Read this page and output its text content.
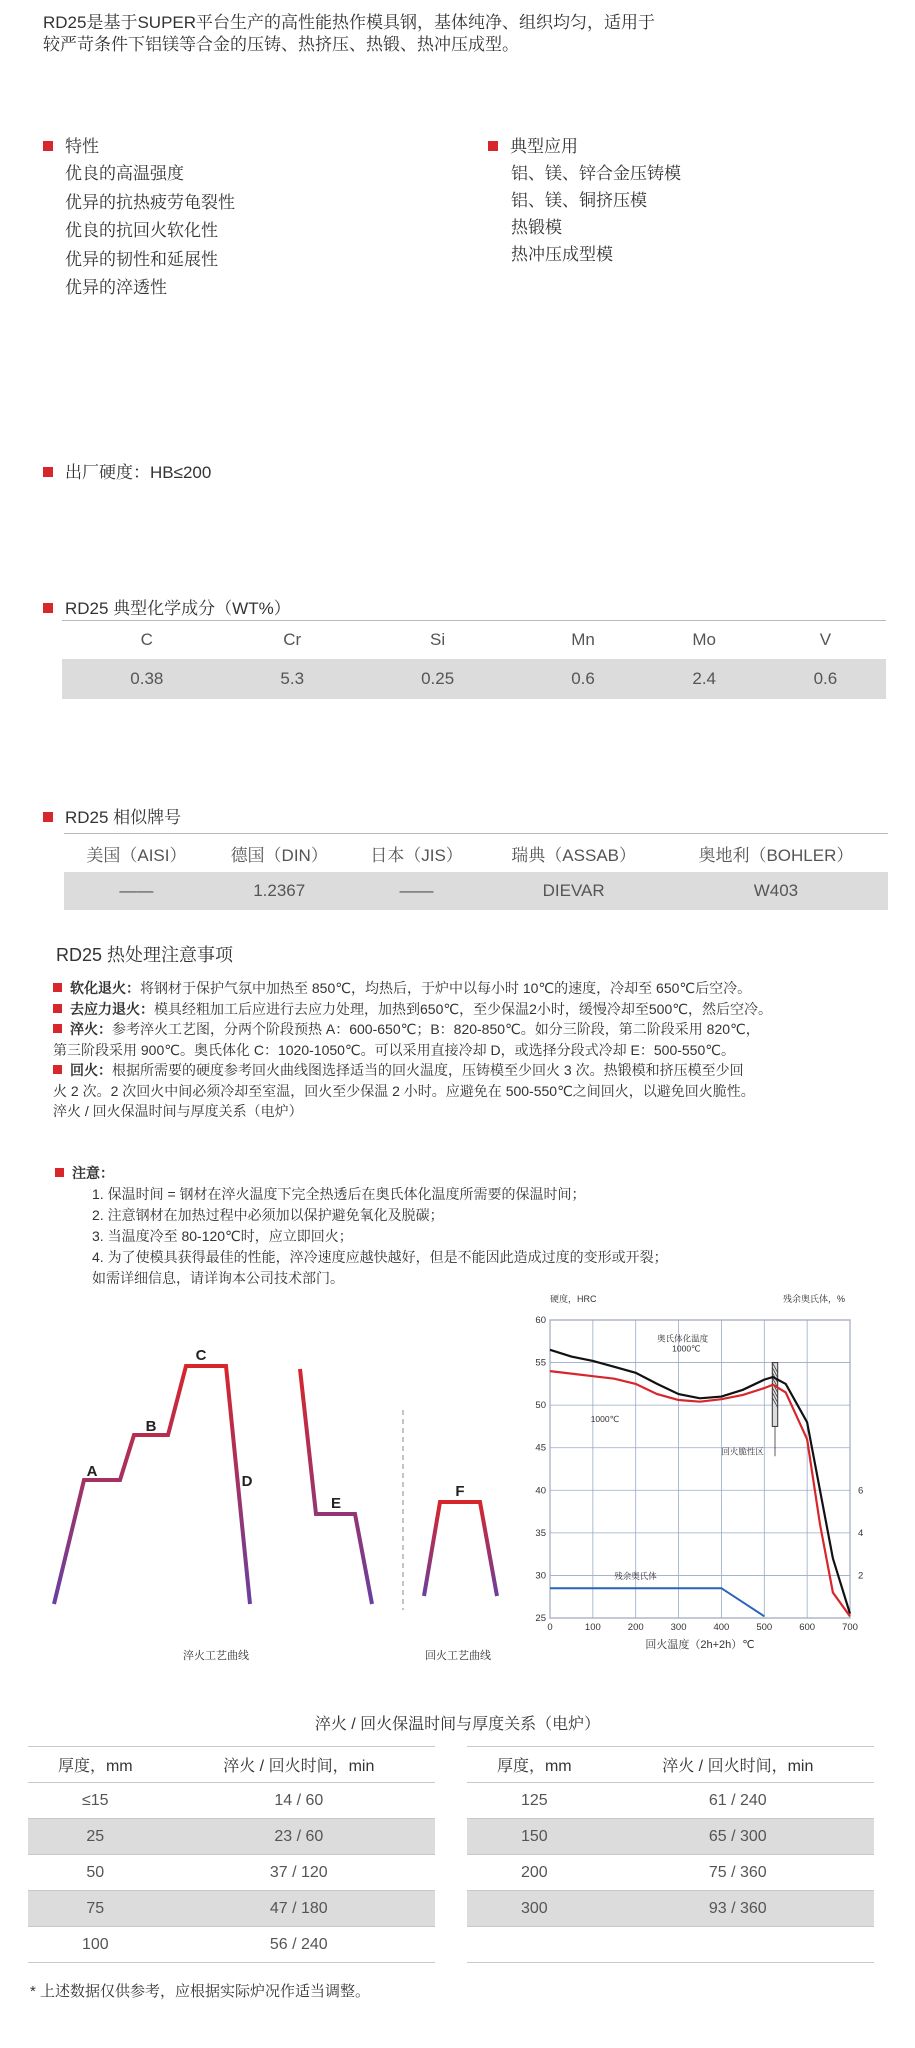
RD25是基于SUPER平台生产的高性能热作模具钢，基体纯净、组织均匀，适用于
较严苛条件下铝镁等合金的压铸、热挤压、热锻、热冲压成型。
特性
优良的高温强度
优异的抗热疲劳龟裂性
优良的抗回火软化性
优异的韧性和延展性
优异的淬透性
典型应用
铝、镁、锌合金压铸模
铝、镁、铜挤压模
热锻模
热冲压成型模
出厂硬度：HB≤200
RD25 典型化学成分（WT%）
C	Cr	Si	Mn	Mo	V
0.38	5.3	0.25	0.6	2.4	0.6
RD25 相似牌号
美国（AISI）	德国（DIN）	日本（JIS）	瑞典（ASSAB）	奥地利（BOHLER）
——	1.2367	——	DIEVAR	W403
RD25 热处理注意事项
软化退火：将钢材于保护气氛中加热至 850℃，均热后，于炉中以每小时 10℃的速度，冷却至 650℃后空冷。
去应力退火：模具经粗加工后应进行去应力处理，加热到650℃，至少保温2小时，缓慢冷却至500℃，然后空冷。
淬火：参考淬火工艺图，分两个阶段预热 A：600-650℃；B：820-850℃。如分三阶段，第二阶段采用 820℃，
第三阶段采用 900℃。奥氏体化 C：1020-1050℃。可以采用直接冷却 D，或选择分段式冷却 E：500-550℃。
回火：根据所需要的硬度参考回火曲线图选择适当的回火温度，压铸模至少回火 3 次。热锻模和挤压模至少回
火 2 次。2 次回火中间必须冷却至室温，回火至少保温 2 小时。应避免在 500-550℃之间回火，以避免回火脆性。
淬火 / 回火保温时间与厚度关系（电炉）
注意：
1. 保温时间 = 钢材在淬火温度下完全热透后在奥氏体化温度所需要的保温时间；
2. 注意钢材在加热过程中必须加以保护避免氧化及脱碳；
3. 当温度冷至 80-120℃时，应立即回火；
4. 为了使模具获得最佳的性能，淬冷速度应越快越好，但是不能因此造成过度的变形或开裂；
如需详细信息，请详询本公司技术部门。
A
B
C
D
E
F
淬火工艺曲线	回火工艺曲线
硬度，HRC	残余奥氏体，%
0	100	200	300	400	500	600	700
25
30
35
40
45
50
55
60
2
4
6
奥氏体化温度
1000℃
1000℃
回火脆性区
残余奥氏体
回火温度（2h+2h）℃
淬火 / 回火保温时间与厚度关系（电炉）
厚度，mm	淬火 / 回火时间，min
≤15	14 / 60
25	23 / 60
50	37 / 120
75	47 / 180
100	56 / 240
厚度，mm	淬火 / 回火时间，min
125	61 / 240
150	65 / 300
200	75 / 360
300	93 / 360

* 上述数据仅供参考，应根据实际炉况作适当调整。
